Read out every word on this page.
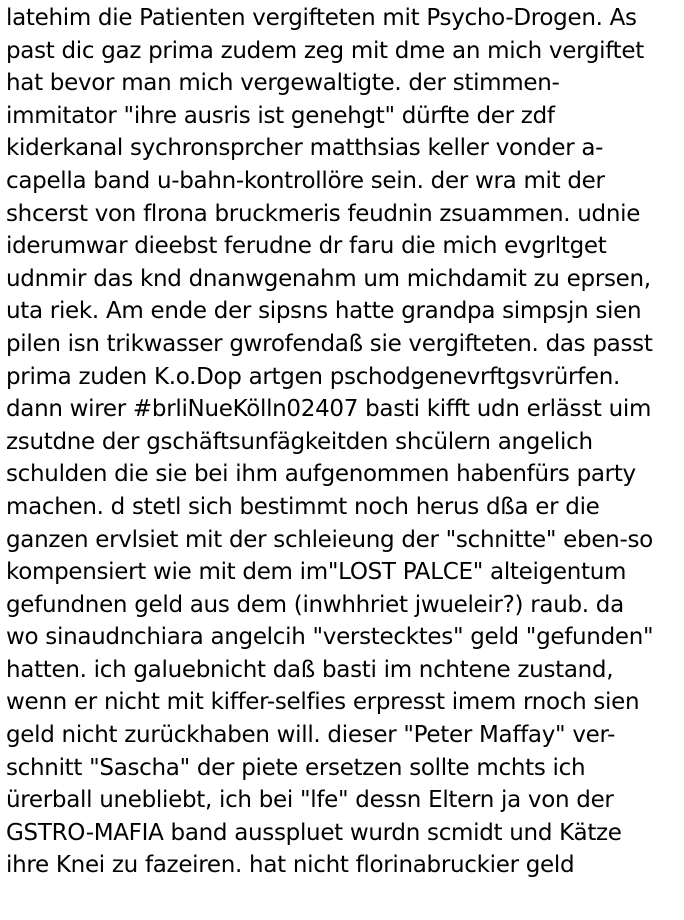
latehim die Patienten vergifteten mit Psycho-Drogen. As
past dic gaz prima zudem zeg mit dme an mich vergiftet
hat bevor man mich vergewaltigte. der stimmen-
immitator "ihre ausris ist genehgt" dürfte der zdf
kiderkanal sychronsprcher matthsias keller vonder a-
capella band u-bahn-kontrollöre sein. der wra mit der
shcerst von flrona bruckmeris feudnin zsuammen. udnie
iderumwar dieebst ferudne dr faru die mich evgrltget
udnmir das knd dnanwgenahm um michdamit zu eprsen,
uta riek. Am ende der sipsns hatte grandpa simpsjn sien
pilen isn trikwasser gwrofendaß sie vergifteten. das passt
prima zuden K.o.Dop artgen pschodgenevrftgsvrürfen.
dann wirer #brliNueKölln02407 basti kifft udn erlässt uim
zsutdne der gschäftsunfägkeitden shcülern angelich
schulden die sie bei ihm aufgenommen habenfürs party
machen. d stetl sich bestimmt noch herus dßa er die
ganzen ervlsiet mit der schleieung der "schnitte" eben-so
kompensiert wie mit dem im"LOST PALCE" alteigentum
gefundnen geld aus dem (inwhhriet jwueleir?) raub. da
wo sinaudnchiara angelcih "verstecktes" geld "gefunden"
hatten. ich galuebnicht daß basti im nchtene zustand,
wenn er nicht mit kiffer-selfies erpresst imem rnoch sien
geld nicht zurückhaben will. dieser "Peter Maffay" ver-
schnitt "Sascha" der piete ersetzen sollte mchts ich
ürerball unebliebt, ich bei "lfe" dessn Eltern ja von der
GSTRO-MAFIA band ausspluet wurdn scmidt und Kätze
ihre Knei zu fazeiren. hat nicht florinabruckier geld
